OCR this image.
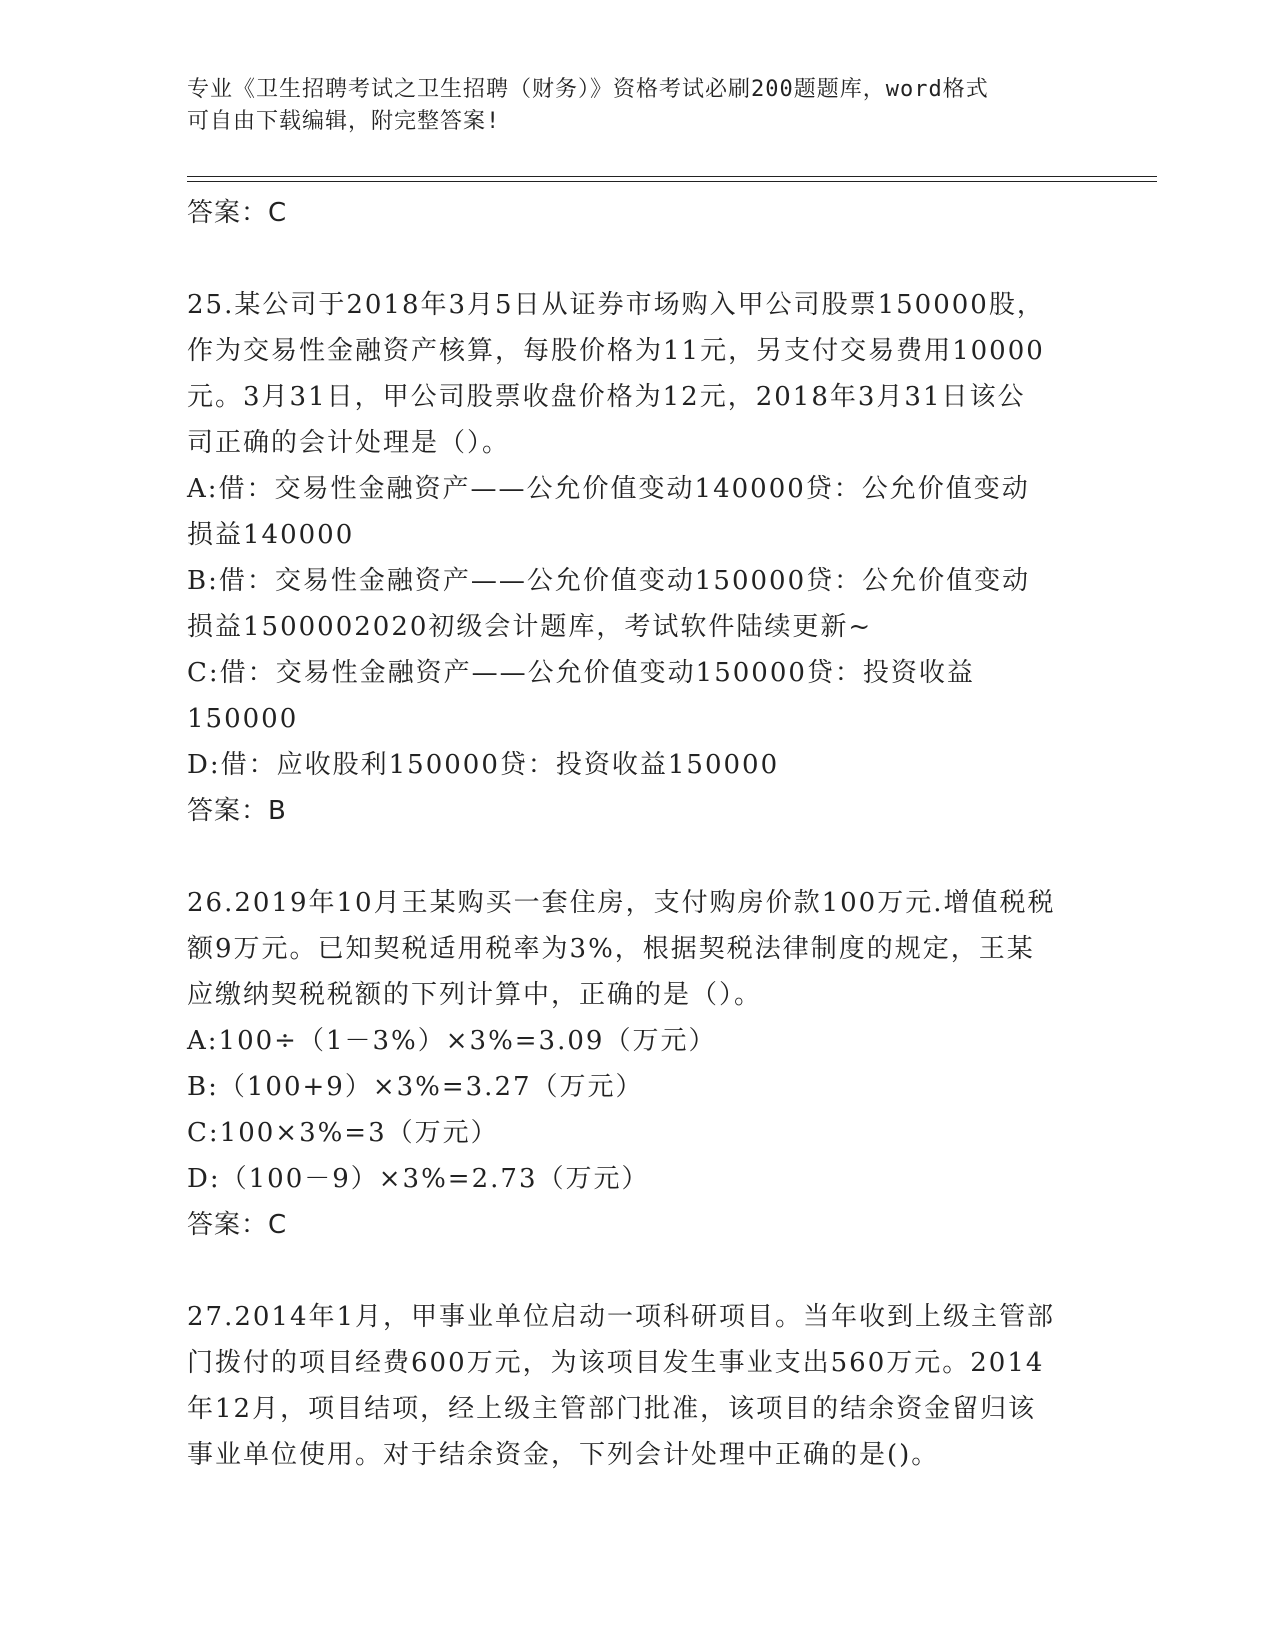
专业《卫生招聘考试之卫生招聘（财务）》资格考试必刷200题题库，word格式
可自由下载编辑，附完整答案!
答案：C
25.某公司于2018年3月5日从证券市场购入甲公司股票150000股，
作为交易性金融资产核算，每股价格为11元，另支付交易费用10000
元。3月31日，甲公司股票收盘价格为12元，2018年3月31日该公
司正确的会计处理是（）。
A:借：交易性金融资产——公允价值变动140000贷：公允价值变动
损益140000
B:借：交易性金融资产——公允价值变动150000贷：公允价值变动
损益1500002020初级会计题库，考试软件陆续更新~
C:借：交易性金融资产——公允价值变动150000贷：投资收益
150000
D:借：应收股利150000贷：投资收益150000
答案：B
26.2019年10月王某购买一套住房，支付购房价款100万元.增值税税
额9万元。已知契税适用税率为3%，根据契税法律制度的规定，王某
应缴纳契税税额的下列计算中，正确的是（）。
A:100÷（1－3%）×3%=3.09（万元）
B:（100+9）×3%=3.27（万元）
C:100×3%=3（万元）
D:（100－9）×3%=2.73（万元）
答案：C
27.2014年1月，甲事业单位启动一项科研项目。当年收到上级主管部
门拨付的项目经费600万元，为该项目发生事业支出560万元。2014
年12月，项目结项，经上级主管部门批准，该项目的结余资金留归该
事业单位使用。对于结余资金，下列会计处理中正确的是()。
